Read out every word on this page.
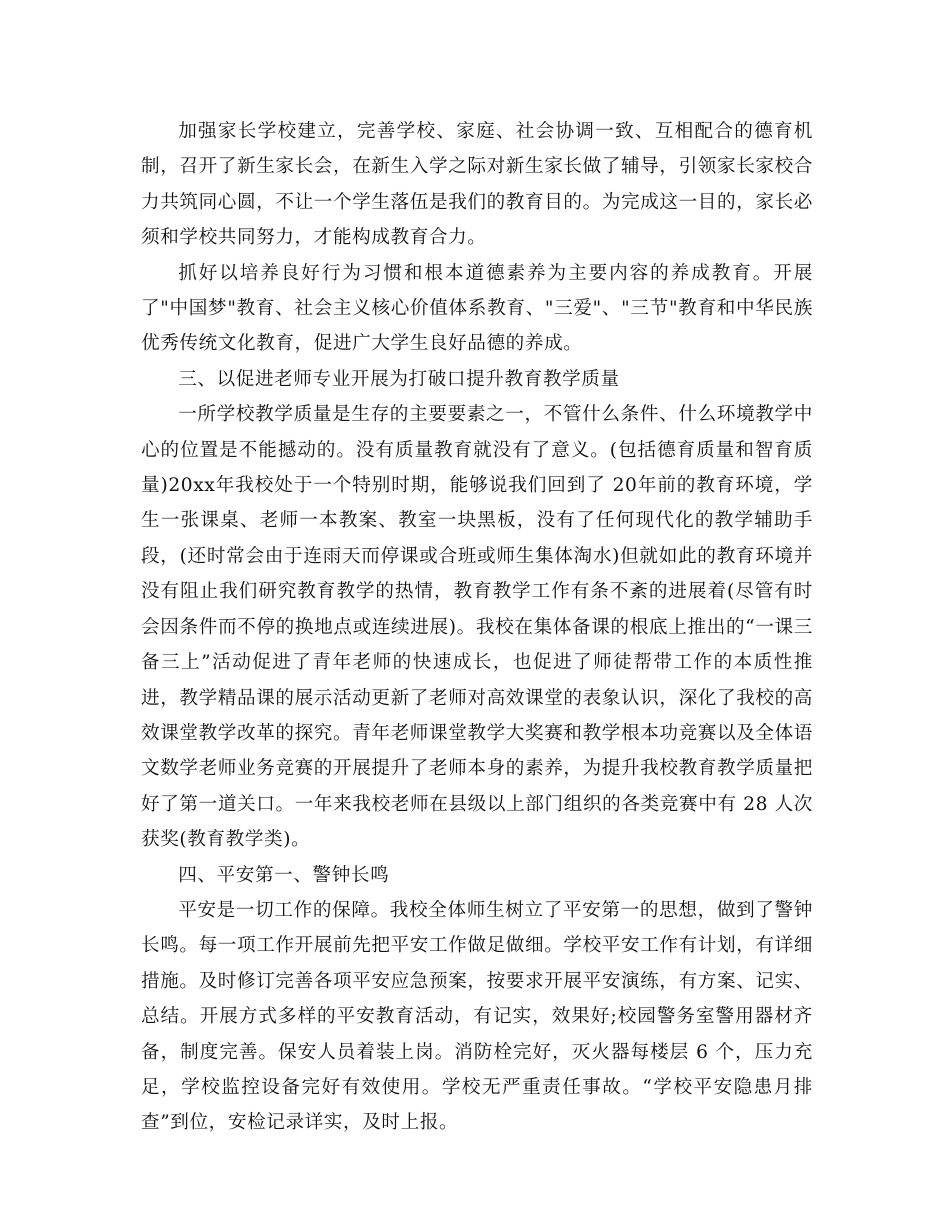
加强家长学校建立，完善学校、家庭、社会协调一致、互相配合的德育机制，召开了新生家长会，在新生入学之际对新生家长做了辅导，引领家长家校合力共筑同心圆，不让一个学生落伍是我们的教育目的。为完成这一目的，家长必须和学校共同努力，才能构成教育合力。

抓好以培养良好行为习惯和根本道德素养为主要内容的养成教育。开展了"中国梦"教育、社会主义核心价值体系教育、"三爱"、"三节"教育和中华民族优秀传统文化教育，促进广大学生良好品德的养成。

三、以促进老师专业开展为打破口提升教育教学质量

一所学校教学质量是生存的主要要素之一，不管什么条件、什么环境教学中心的位置是不能撼动的。没有质量教育就没有了意义。(包括德育质量和智育质量)20xx年我校处于一个特别时期，能够说我们回到了 20年前的教育环境，学生一张课桌、老师一本教案、教室一块黑板，没有了任何现代化的教学辅助手段，(还时常会由于连雨天而停课或合班或师生集体淘水)但就如此的教育环境并没有阻止我们研究教育教学的热情，教育教学工作有条不紊的进展着(尽管有时会因条件而不停的换地点或连续进展)。我校在集体备课的根底上推出的“一课三备三上”活动促进了青年老师的快速成长，也促进了师徒帮带工作的本质性推进，教学精品课的展示活动更新了老师对高效课堂的表象认识，深化了我校的高效课堂教学改革的探究。青年老师课堂教学大奖赛和教学根本功竞赛以及全体语文数学老师业务竞赛的开展提升了老师本身的素养，为提升我校教育教学质量把好了第一道关口。一年来我校老师在县级以上部门组织的各类竞赛中有 28 人次获奖(教育教学类)。

四、平安第一、警钟长鸣

平安是一切工作的保障。我校全体师生树立了平安第一的思想，做到了警钟长鸣。每一项工作开展前先把平安工作做足做细。学校平安工作有计划，有详细措施。及时修订完善各项平安应急预案，按要求开展平安演练，有方案、记实、总结。开展方式多样的平安教育活动，有记实，效果好;校园警务室警用器材齐备，制度完善。保安人员着装上岗。消防栓完好，灭火器每楼层 6 个，压力充足，学校监控设备完好有效使用。学校无严重责任事故。“学校平安隐患月排查”到位，安检记录详实，及时上报。
